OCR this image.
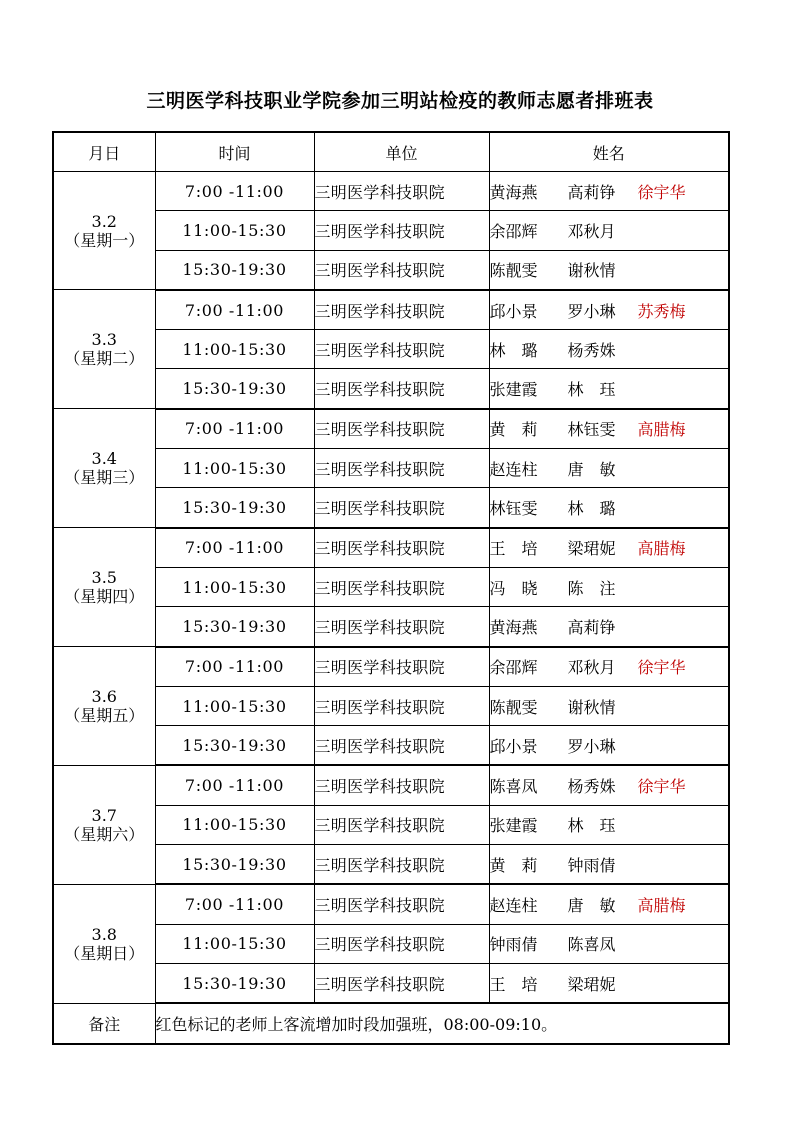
三明医学科技职业学院参加三明站检疫的教师志愿者排班表
月日	时间	单位	姓名

3.2
（星期一）	7:00 -11:00	三明医学科技职院	黄海燕 高莉铮 徐宇华
	11:00-15:30	三明医学科技职院	余邵辉 邓秋月
	15:30-19:30	三明医学科技职院	陈靓雯 谢秋情

3.3
（星期二）	7:00 -11:00	三明医学科技职院	邱小景 罗小琳 苏秀梅
	11:00-15:30	三明医学科技职院	林　璐 杨秀姝
	15:30-19:30	三明医学科技职院	张建霞 林　珏

3.4
（星期三）	7:00 -11:00	三明医学科技职院	黄　莉 林钰雯 高腊梅
	11:00-15:30	三明医学科技职院	赵连柱 唐　敏
	15:30-19:30	三明医学科技职院	林钰雯 林　璐

3.5
（星期四）	7:00 -11:00	三明医学科技职院	王　培 梁珺妮 高腊梅
	11:00-15:30	三明医学科技职院	冯　晓 陈　注
	15:30-19:30	三明医学科技职院	黄海燕 高莉铮

3.6
（星期五）	7:00 -11:00	三明医学科技职院	余邵辉 邓秋月 徐宇华
	11:00-15:30	三明医学科技职院	陈靓雯 谢秋情
	15:30-19:30	三明医学科技职院	邱小景 罗小琳

3.7
（星期六）	7:00 -11:00	三明医学科技职院	陈喜凤 杨秀姝 徐宇华
	11:00-15:30	三明医学科技职院	张建霞 林　珏
	15:30-19:30	三明医学科技职院	黄　莉 钟雨倩

3.8
（星期日）	7:00 -11:00	三明医学科技职院	赵连柱 唐　敏 高腊梅
	11:00-15:30	三明医学科技职院	钟雨倩 陈喜凤
	15:30-19:30	三明医学科技职院	王　培 梁珺妮
备注	红色标记的老师上客流增加时段加强班，08:00-09:10。		
